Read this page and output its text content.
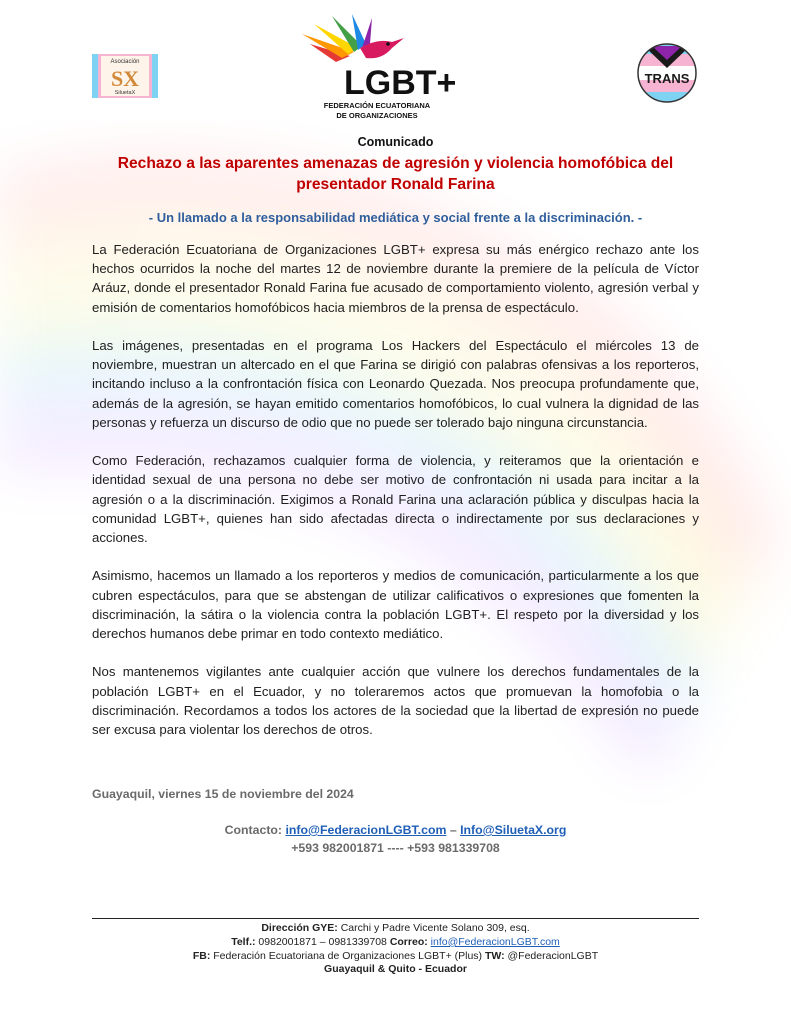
Asociación
SX
SiluetaX	LGBT+
FEDERACIÓN ECUATORIANA
DE ORGANIZACIONES
TRANS
Comunicado
Rechazo a las aparentes amenazas de agresión y violencia homofóbica del presentador Ronald Farina
- Un llamado a la responsabilidad mediática y social frente a la discriminación. -

La Federación Ecuatoriana de Organizaciones LGBT+ expresa su más enérgico rechazo ante los hechos ocurridos la noche del martes 12 de noviembre durante la premiere de la película de Víctor Aráuz, donde el presentador Ronald Farina fue acusado de comportamiento violento, agresión verbal y emisión de comentarios homofóbicos hacia miembros de la prensa de espectáculo.

Las imágenes, presentadas en el programa Los Hackers del Espectáculo el miércoles 13 de noviembre, muestran un altercado en el que Farina se dirigió con palabras ofensivas a los reporteros, incitando incluso a la confrontación física con Leonardo Quezada. Nos preocupa profundamente que, además de la agresión, se hayan emitido comentarios homofóbicos, lo cual vulnera la dignidad de las personas y refuerza un discurso de odio que no puede ser tolerado bajo ninguna circunstancia.

Como Federación, rechazamos cualquier forma de violencia, y reiteramos que la orientación e identidad sexual de una persona no debe ser motivo de confrontación ni usada para incitar a la agresión o a la discriminación. Exigimos a Ronald Farina una aclaración pública y disculpas hacia la comunidad LGBT+, quienes han sido afectadas directa o indirectamente por sus declaraciones y acciones.

Asimismo, hacemos un llamado a los reporteros y medios de comunicación, particularmente a los que cubren espectáculos, para que se abstengan de utilizar calificativos o expresiones que fomenten la discriminación, la sátira o la violencia contra la población LGBT+. El respeto por la diversidad y los derechos humanos debe primar en todo contexto mediático.

Nos mantenemos vigilantes ante cualquier acción que vulnere los derechos fundamentales de la población LGBT+ en el Ecuador, y no toleraremos actos que promuevan la homofobia o la discriminación. Recordamos a todos los actores de la sociedad que la libertad de expresión no puede ser excusa para violentar los derechos de otros.

Guayaquil, viernes 15 de noviembre del 2024
Contacto: info@FederacionLGBT.com – Info@SiluetaX.org
+593 982001871 ---- +593 981339708
Dirección GYE: Carchi y Padre Vicente Solano 309, esq.
Telf.: 0982001871 – 0981339708 Correo: info@FederacionLGBT.com
FB: Federación Ecuatoriana de Organizaciones LGBT+ (Plus) TW: @FederacionLGBT
Guayaquil & Quito - Ecuador
